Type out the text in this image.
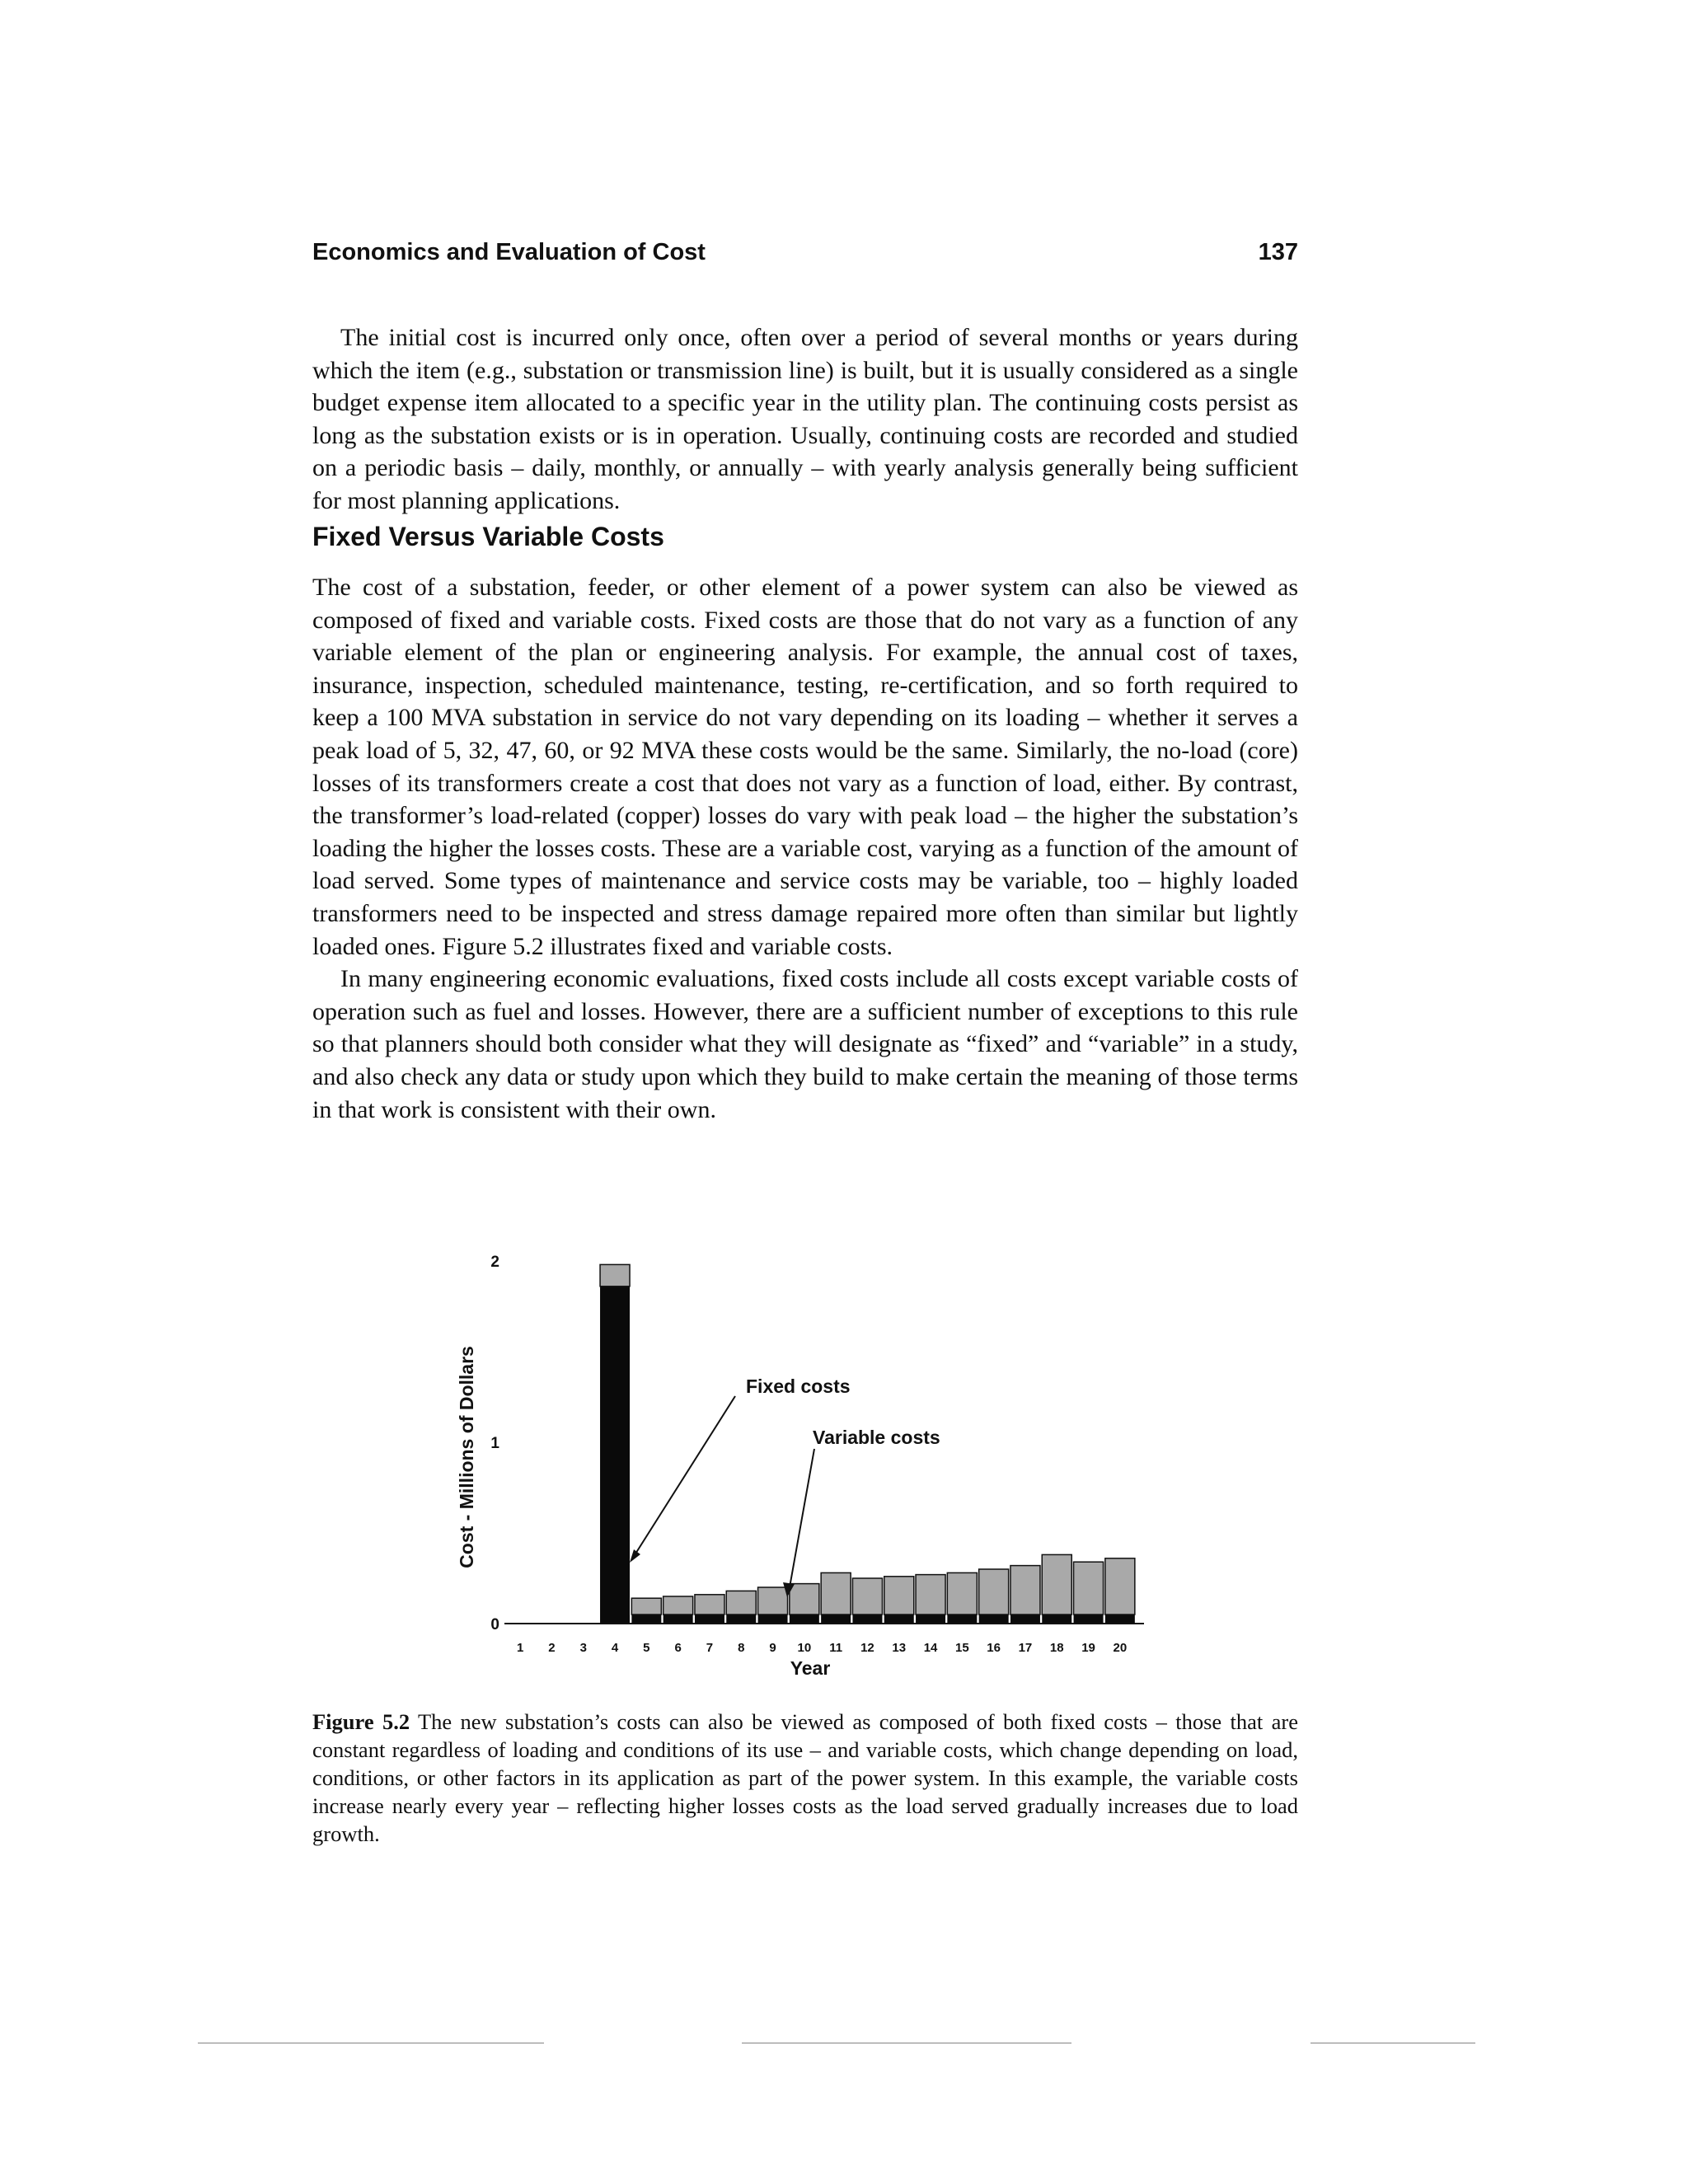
Economics and Evaluation of Cost	137

The initial cost is incurred only once, often over a period of several months or years during which the item (e.g., substation or transmission line) is built, but it is usually considered as a single budget expense item allocated to a specific year in the utility plan. The continuing costs persist as long as the substation exists or is in operation. Usually, continuing costs are recorded and studied on a periodic basis – daily, monthly, or annually – with yearly analysis generally being sufficient for most planning applications.

Fixed Versus Variable Costs

The cost of a substation, feeder, or other element of a power system can also be viewed as composed of fixed and variable costs. Fixed costs are those that do not vary as a function of any variable element of the plan or engineering analysis. For example, the annual cost of taxes, insurance, inspection, scheduled maintenance, testing, re-certification, and so forth required to keep a 100 MVA substation in service do not vary depending on its loading – whether it serves a peak load of 5, 32, 47, 60, or 92 MVA these costs would be the same. Similarly, the no-load (core) losses of its transformers create a cost that does not vary as a function of load, either. By contrast, the transformer’s load-related (copper) losses do vary with peak load – the higher the substation’s loading the higher the losses costs. These are a variable cost, varying as a function of the amount of load served. Some types of maintenance and service costs may be variable, too – highly loaded transformers need to be inspected and stress damage repaired more often than similar but lightly loaded ones. Figure 5.2 illustrates fixed and variable costs.

In many engineering economic evaluations, fixed costs include all costs except variable costs of operation such as fuel and losses. However, there are a sufficient number of exceptions to this rule so that planners should both consider what they will designate as “fixed” and “variable” in a study, and also check any data or study upon which they build to make certain the meaning of those terms in that work is consistent with their own.

Cost - Millions of Dollars
0
1
2
1 2 3 4 5 6 7 8 9 10 11 12 13 14 15 16 17 18 19 20
Year
Fixed costs
Variable costs
Figure 5.2 The new substation’s costs can also be viewed as composed of both fixed costs – those that are constant regardless of loading and conditions of its use – and variable costs, which change depending on load, conditions, or other factors in its application as part of the power system. In this example, the variable costs increase nearly every year – reflecting higher losses costs as the load served gradually increases due to load growth.
